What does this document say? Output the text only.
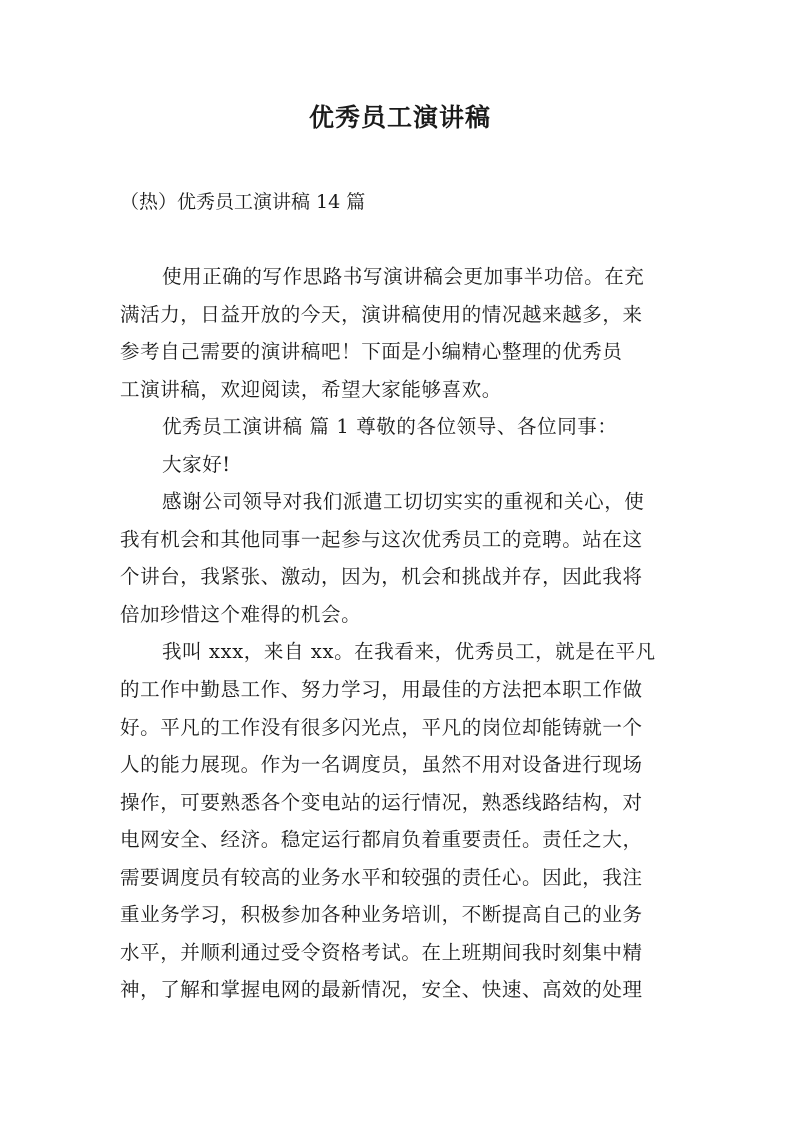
优秀员工演讲稿
（热）优秀员工演讲稿 14 篇
使用正确的写作思路书写演讲稿会更加事半功倍。在充
满活力，日益开放的今天，演讲稿使用的情况越来越多，来
参考自己需要的演讲稿吧！下面是小编精心整理的优秀员
工演讲稿，欢迎阅读，希望大家能够喜欢。
优秀员工演讲稿 篇 1 尊敬的各位领导、各位同事：
大家好!
感谢公司领导对我们派遣工切切实实的重视和关心，使
我有机会和其他同事一起参与这次优秀员工的竞聘。站在这
个讲台，我紧张、激动，因为，机会和挑战并存，因此我将
倍加珍惜这个难得的机会。
我叫 xxx，来自 xx。在我看来，优秀员工，就是在平凡
的工作中勤恳工作、努力学习，用最佳的方法把本职工作做
好。平凡的工作没有很多闪光点，平凡的岗位却能铸就一个
人的能力展现。作为一名调度员，虽然不用对设备进行现场
操作，可要熟悉各个变电站的运行情况，熟悉线路结构，对
电网安全、经济。稳定运行都肩负着重要责任。责任之大，
需要调度员有较高的业务水平和较强的责任心。因此，我注
重业务学习，积极参加各种业务培训，不断提高自己的业务
水平，并顺利通过受令资格考试。在上班期间我时刻集中精
神，了解和掌握电网的最新情况，安全、快速、高效的处理
